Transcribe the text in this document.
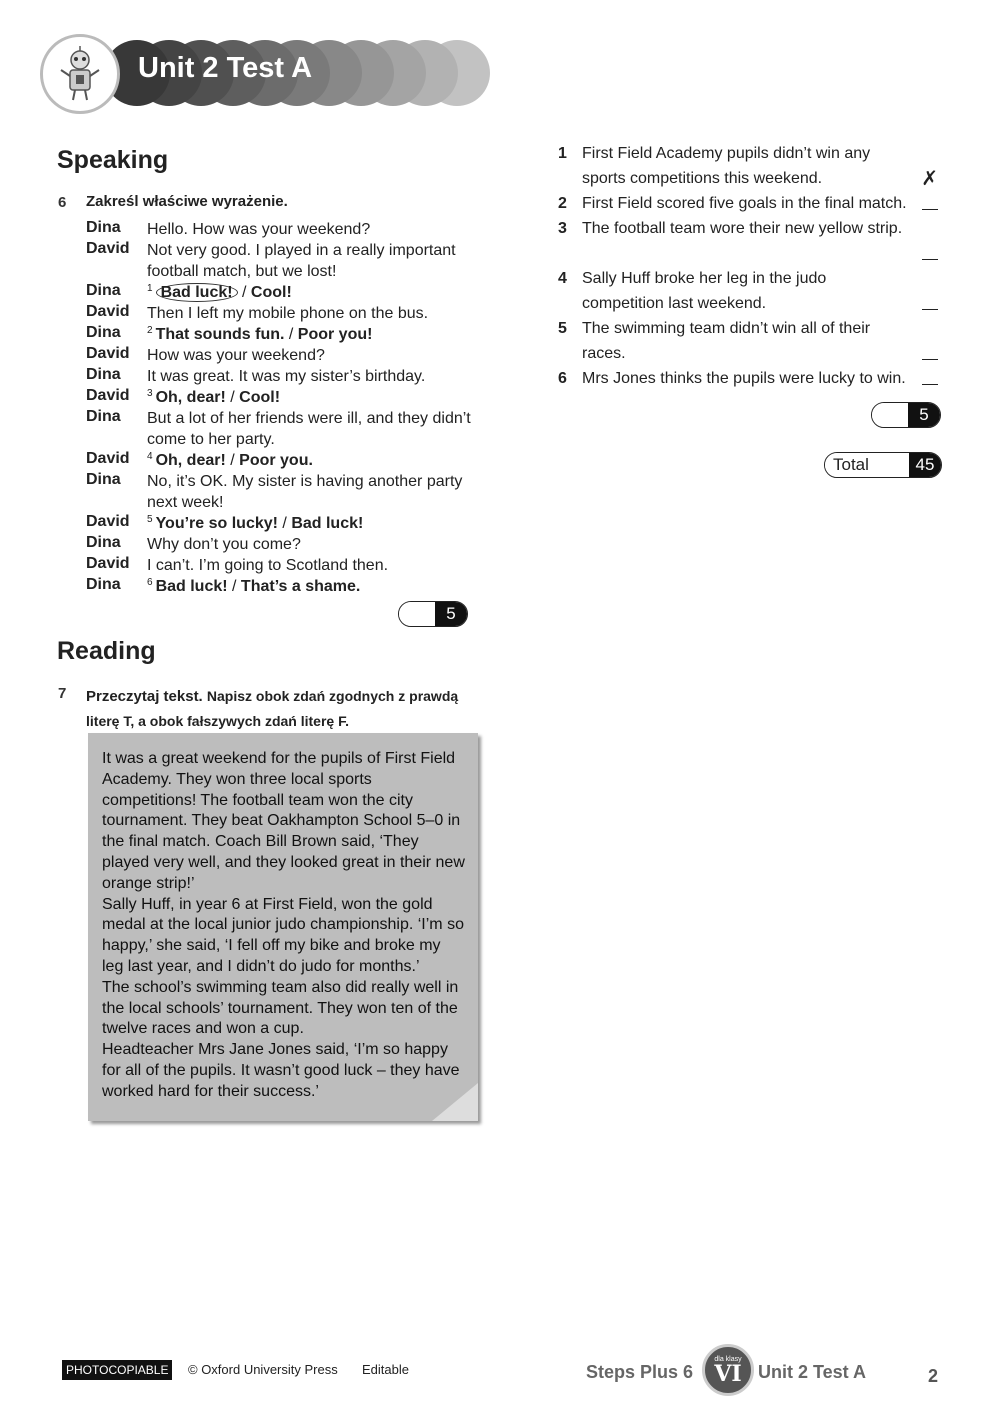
Unit 2 Test A
Speaking
6 Zakreśl właściwe wyrażenie.
Dina Hello. How was your weekend?
David Not very good. I played in a really important football match, but we lost!
Dina	$^1$ Bad luck! / Cool!
David Then I left my mobile phone on the bus.
Dina	$^2$ That sounds fun. / Poor you!
David How was your weekend?
Dina It was great. It was my sister’s birthday.
David $^3$ Oh, dear! / Cool!
Dina But a lot of her friends were ill, and they didn’t come to her party.
David $^4$ Oh, dear! / Poor you.
Dina No, it’s OK. My sister is having another party next week!
David $^5$ You’re so lucky! / Bad luck!
Dina Why don’t you come?
David I can’t. I’m going to Scotland then.
Dina	$^6$ Bad luck! / That’s a shame.
5
Reading
7 Przeczytaj tekst. Napisz obok zdań zgodnych z prawdą
literę T, a obok fałszywych zdań literę F.

It was a great weekend for the pupils of First Field Academy. They won three local sports competitions! The football team won the city tournament. They beat Oakhampton School 5–0 in the final match. Coach Bill Brown said, ‘They played very well, and they looked great in their new orange strip!’

Sally Huff, in year 6 at First Field, won the gold medal at the local junior judo championship. ‘I’m so happy,’ she said, ‘I fell off my bike and broke my leg last year, and I didn’t do judo for months.’

The school’s swimming team also did really well in the local schools’ tournament. They won ten of the twelve races and won a cup.

Headteacher Mrs Jane Jones said, ‘I’m so happy for all of the pupils. It wasn’t good luck – they have worked hard for their success.’

1 First Field Academy pupils didn’t win any sports competitions this weekend.	✗
2 First Field scored five goals in the final match.
3 The football team wore their new yellow strip.
4 Sally Huff broke her leg in the judo competition last weekend.
5 The swimming team didn’t win all of their races.
6 Mrs Jones thinks the pupils were lucky to win.
5
Total	45
PHOTOCOPIABLE	© Oxford University Press Editable	Steps Plus 6
dla klasy
VI Unit 2 Test A	2
